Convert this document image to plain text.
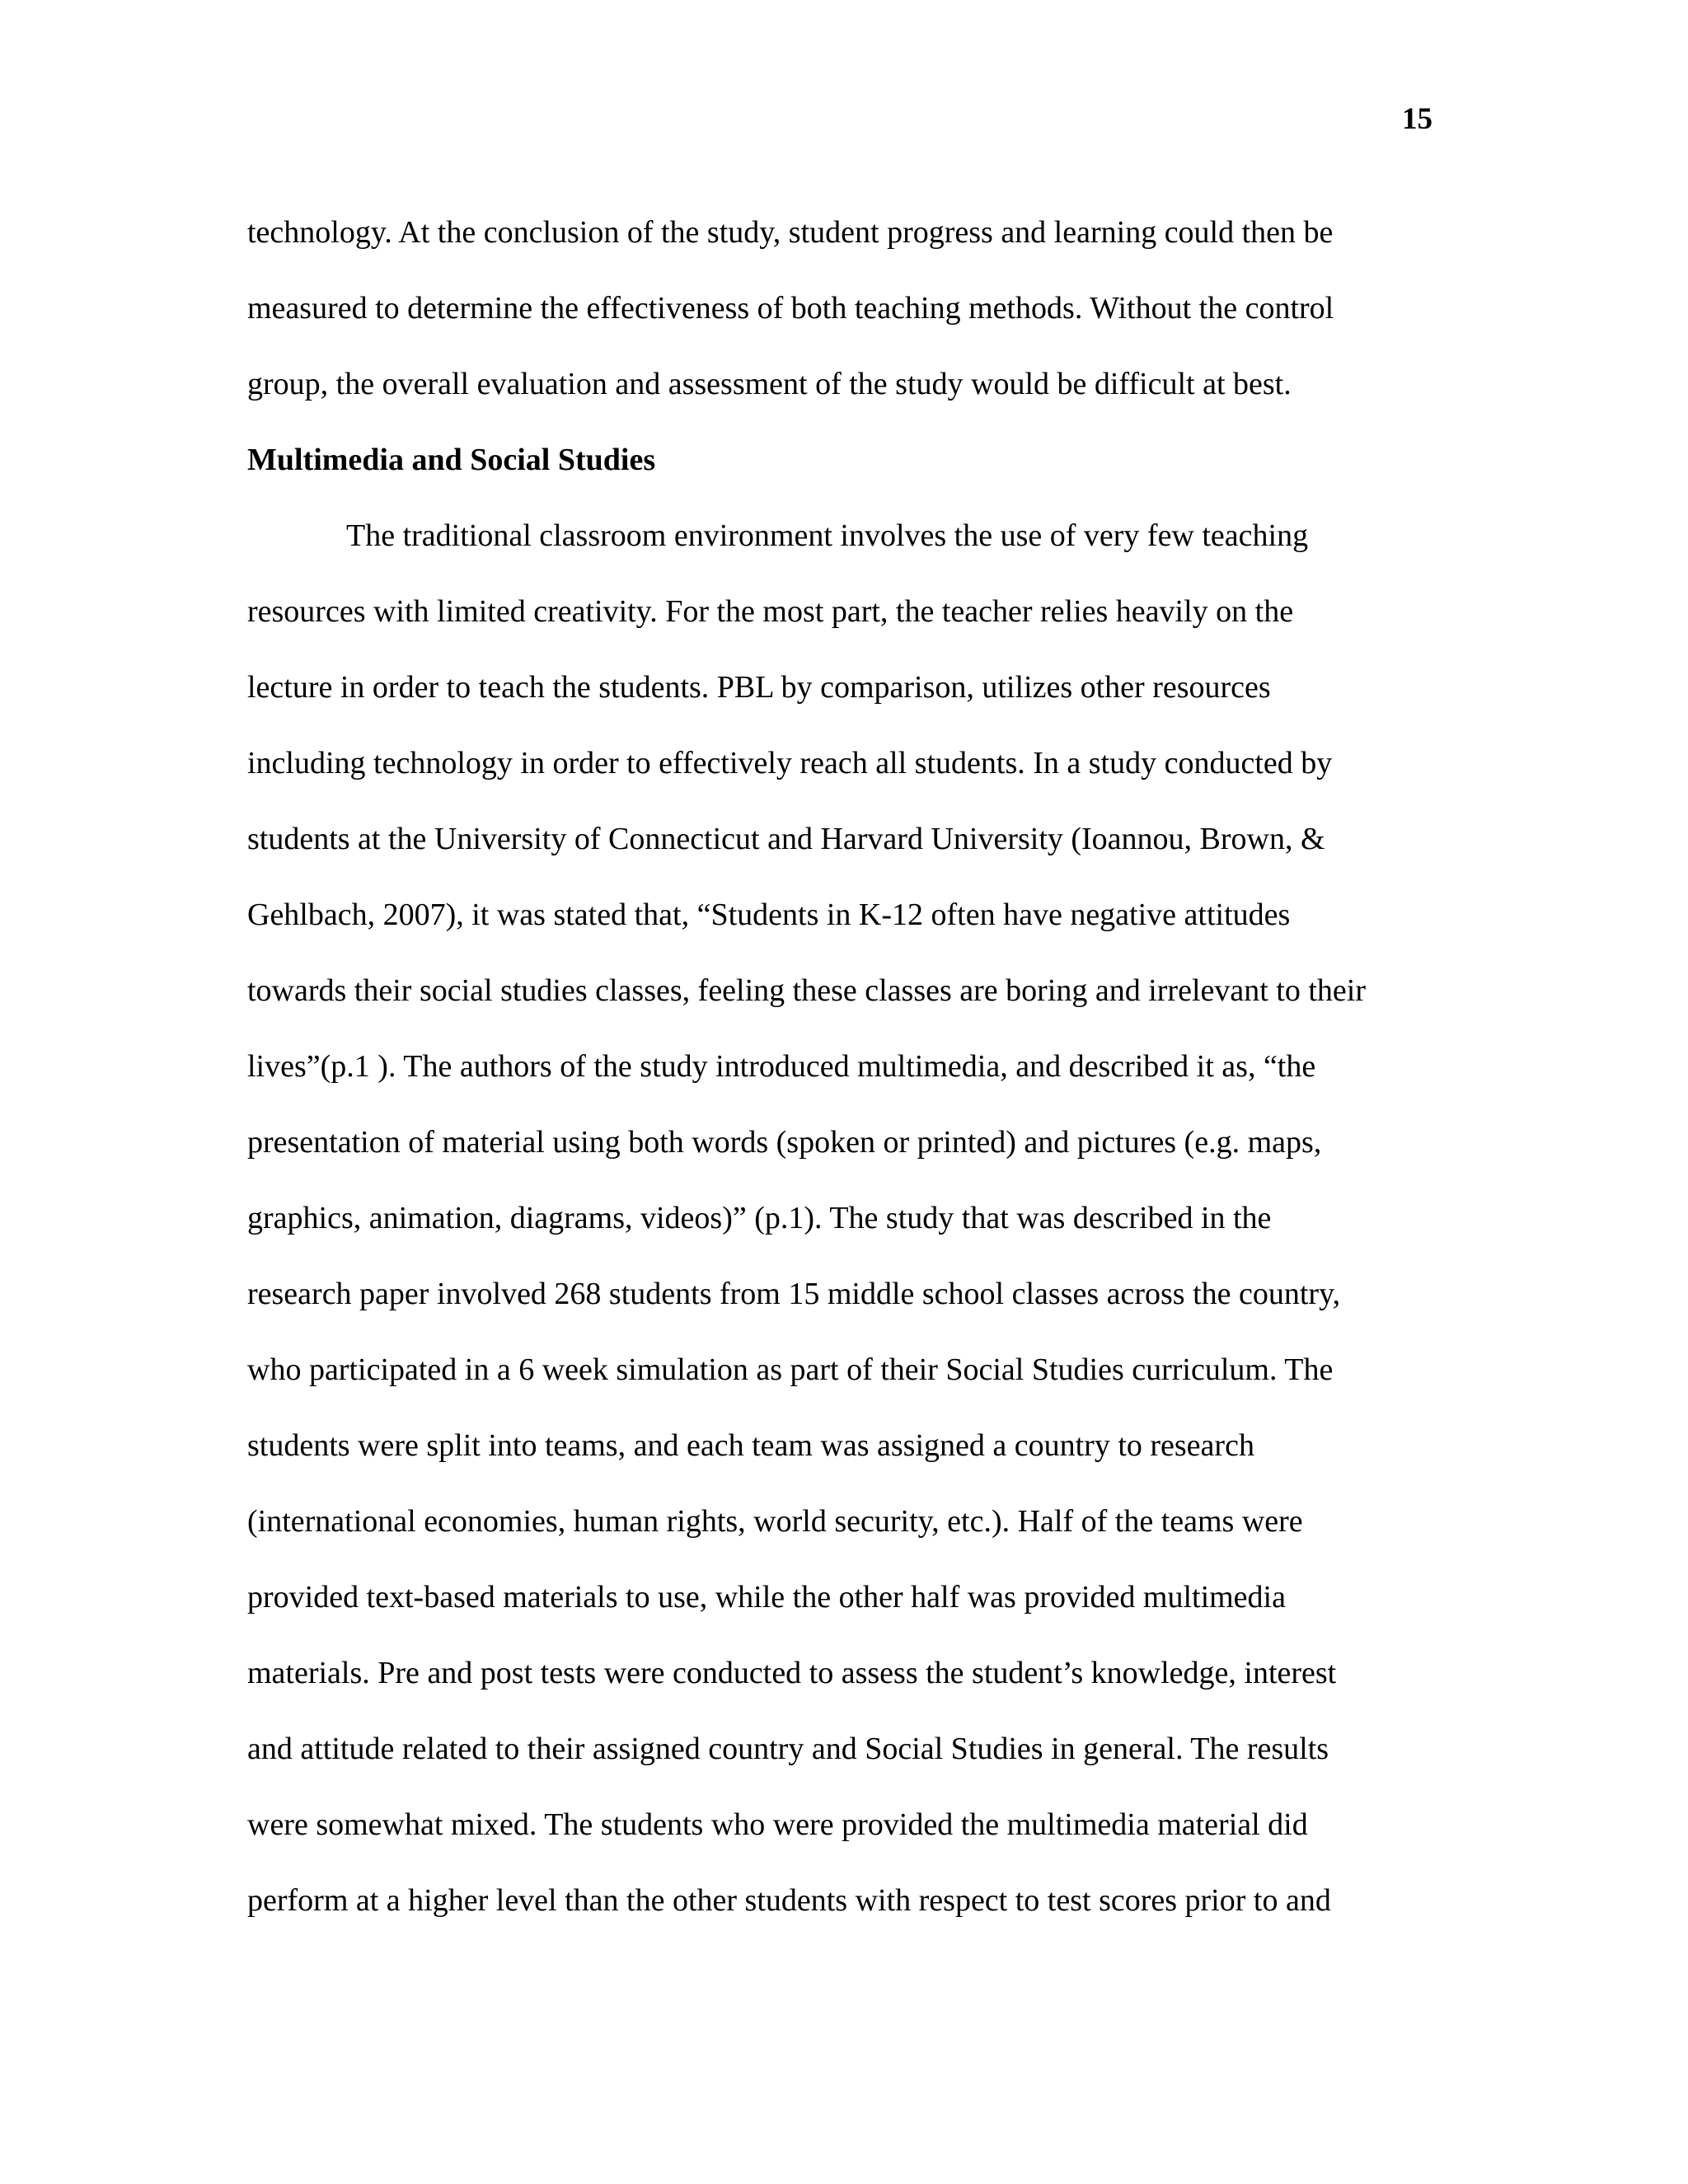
15
technology. At the conclusion of the study, student progress and learning could then be
measured to determine the effectiveness of both teaching methods. Without the control
group, the overall evaluation and assessment of the study would be difficult at best.
Multimedia and Social Studies
The traditional classroom environment involves the use of very few teaching
resources with limited creativity. For the most part, the teacher relies heavily on the
lecture in order to teach the students. PBL by comparison, utilizes other resources
including technology in order to effectively reach all students. In a study conducted by
students at the University of Connecticut and Harvard University (Ioannou, Brown, &
Gehlbach, 2007), it was stated that, “Students in K-12 often have negative attitudes
towards their social studies classes, feeling these classes are boring and irrelevant to their
lives”(p.1 ). The authors of the study introduced multimedia, and described it as, “the
presentation of material using both words (spoken or printed) and pictures (e.g. maps,
graphics, animation, diagrams, videos)” (p.1). The study that was described in the
research paper involved 268 students from 15 middle school classes across the country,
who participated in a 6 week simulation as part of their Social Studies curriculum. The
students were split into teams, and each team was assigned a country to research
(international economies, human rights, world security, etc.). Half of the teams were
provided text-based materials to use, while the other half was provided multimedia
materials. Pre and post tests were conducted to assess the student’s knowledge, interest
and attitude related to their assigned country and Social Studies in general. The results
were somewhat mixed. The students who were provided the multimedia material did
perform at a higher level than the other students with respect to test scores prior to and
